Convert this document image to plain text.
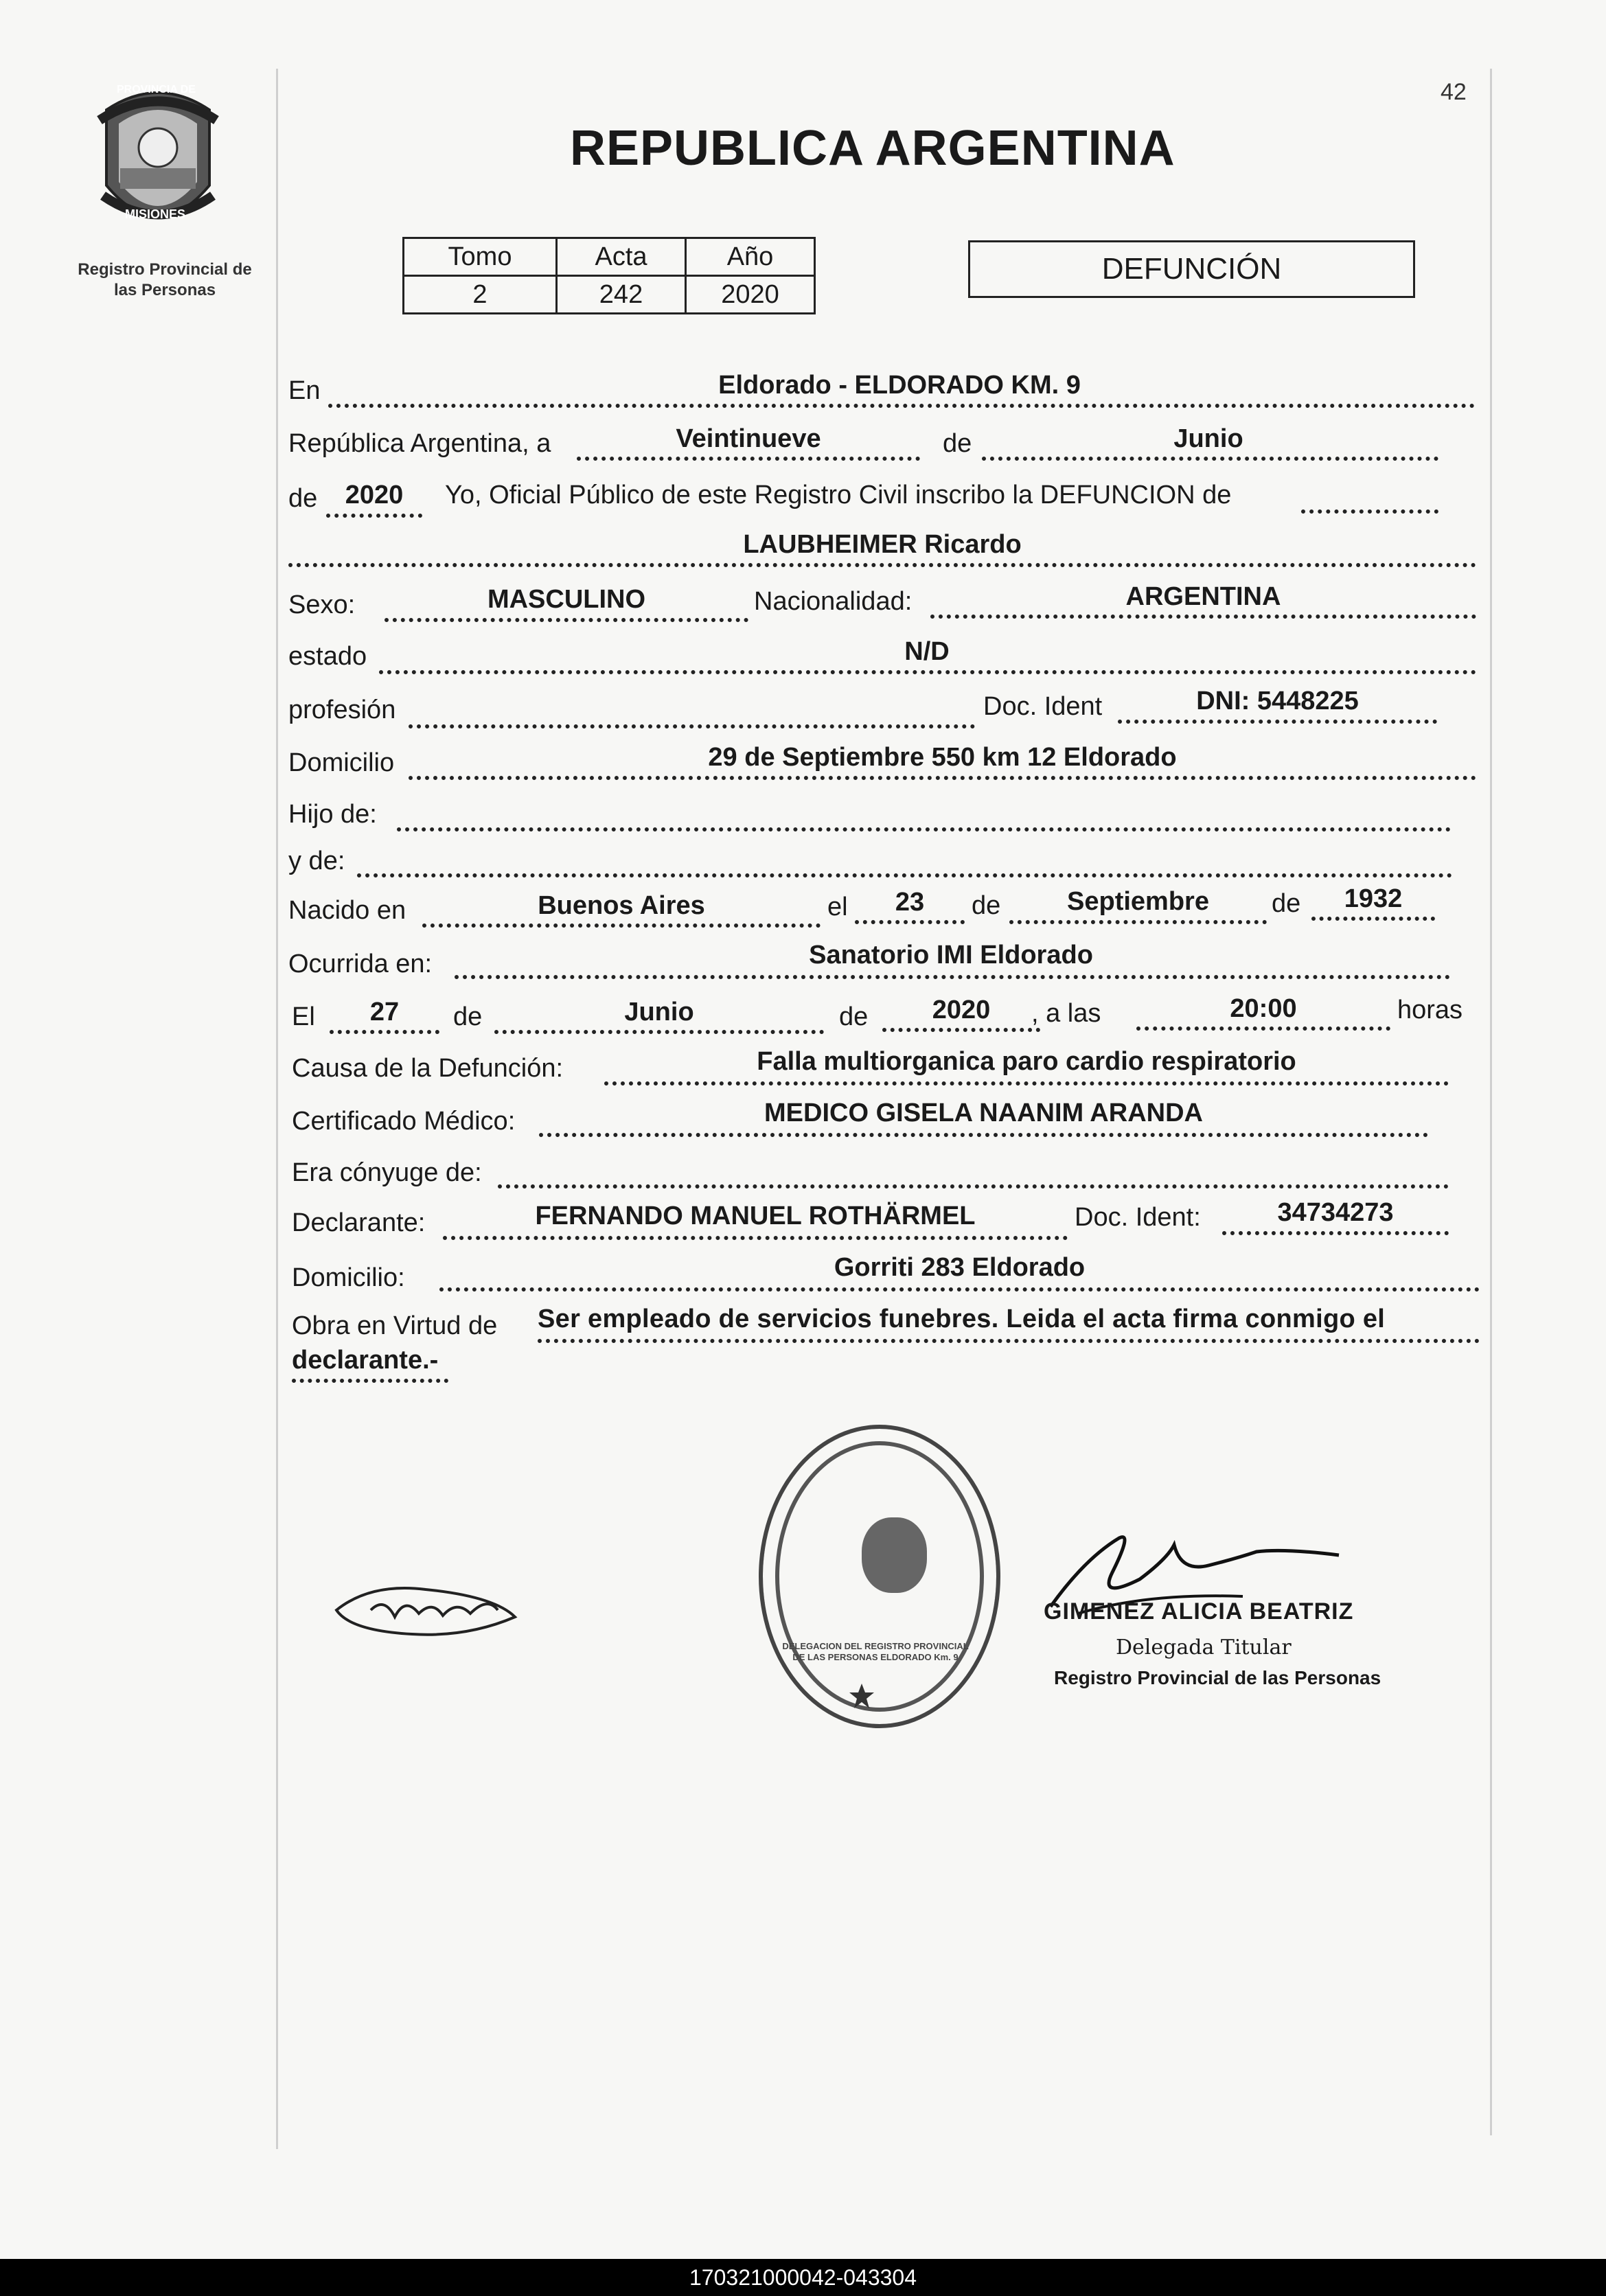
PROVINCIA DE
MISIONES
Registro Provincial de
las Personas
42
REPUBLICA ARGENTINA
Tomo	Acta	Año
2	242	2020
DEFUNCIÓN
En	Eldorado - ELDORADO KM. 9
República Argentina, a	Veintinueve	de	Junio
de	2020	Yo, Oficial Público de este Registro Civil inscribo la DEFUNCION de
LAUBHEIMER Ricardo
Sexo:	MASCULINO	Nacionalidad:	ARGENTINA
estado	N/D
profesión	Doc. Ident	DNI: 5448225
Domicilio	29 de Septiembre 550 km 12 Eldorado
Hijo de:
y de:
Nacido en	Buenos Aires	el	23	de	Septiembre	de	1932
Ocurrida en:	Sanatorio IMI Eldorado
El	27	de	Junio	de	2020	, a las	20:00	horas
Causa de la Defunción:	Falla multiorganica paro cardio respiratorio
Certificado Médico:	MEDICO GISELA NAANIM ARANDA
Era cónyuge de:
Declarante:	FERNANDO MANUEL ROTHÄRMEL	Doc. Ident:	34734273
Domicilio:	Gorriti 283 Eldorado
Obra en Virtud de Ser empleado de servicios funebres. Leida el acta firma conmigo el
declarante.-
DELEGACION DEL REGISTRO PROVINCIAL DE LAS PERSONAS ELDORADO Km. 9
GIMENEZ ALICIA BEATRIZ
Delegada Titular
Registro Provincial de las Personas
170321000042-043304
